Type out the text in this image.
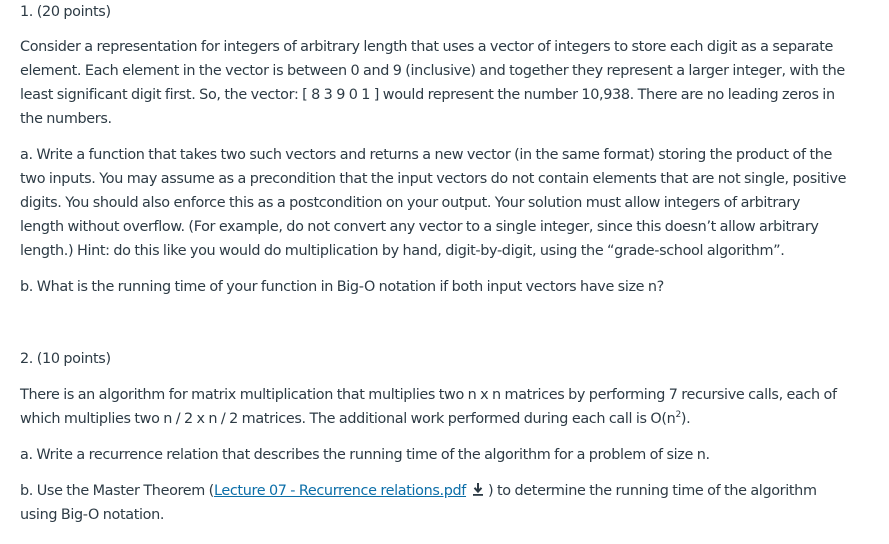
1. (20 points)

Consider a representation for integers of arbitrary length that uses a vector of integers to store each digit as a separate
element. Each element in the vector is between 0 and 9 (inclusive) and together they represent a larger integer, with the
least significant digit first. So, the vector: [ 8 3 9 0 1 ] would represent the number 10,938. There are no leading zeros in
the numbers.

a. Write a function that takes two such vectors and returns a new vector (in the same format) storing the product of the
two inputs. You may assume as a precondition that the input vectors do not contain elements that are not single, positive
digits. You should also enforce this as a postcondition on your output. Your solution must allow integers of arbitrary
length without overflow. (For example, do not convert any vector to a single integer, since this doesn’t allow arbitrary
length.) Hint: do this like you would do multiplication by hand, digit-by-digit, using the “grade-school algorithm”.

b. What is the running time of your function in Big-O notation if both input vectors have size n?

2. (10 points)

There is an algorithm for matrix multiplication that multiplies two n x n matrices by performing 7 recursive calls, each of
which multiplies two n / 2 x n / 2 matrices. The additional work performed during each call is $O(n^2)$.

a. Write a recurrence relation that describes the running time of the algorithm for a problem of size n.

b. Use the Master Theorem (Lecture 07 - Recurrence relations.pdf ) to determine the running time of the algorithm
using Big-O notation.
